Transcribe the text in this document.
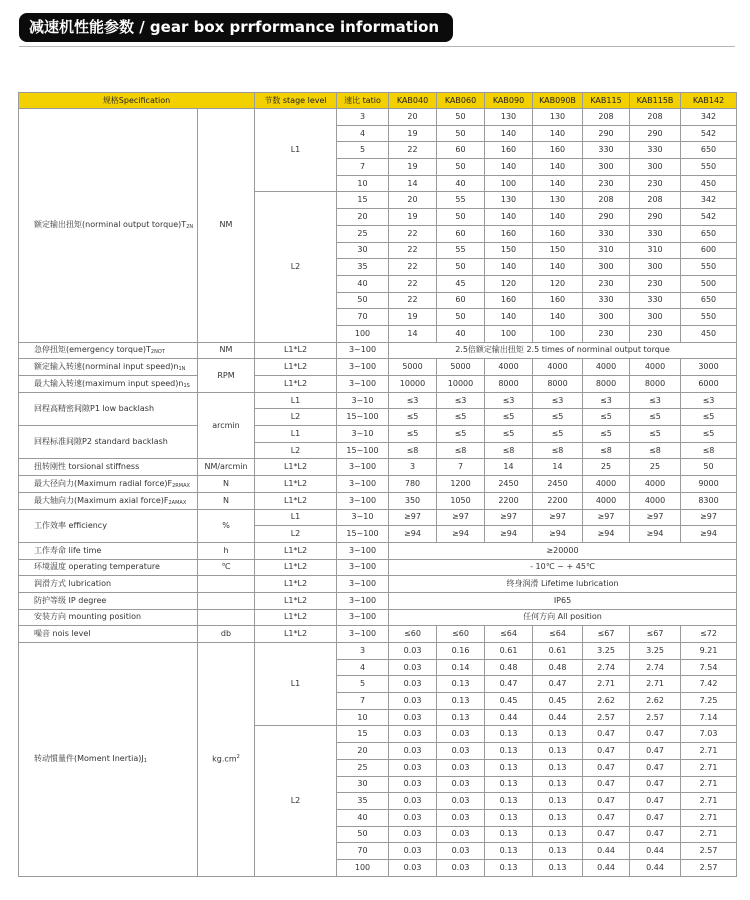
减速机性能参数 / gear box prrformance information
规格Specification		节数 stage level	速比 tatio	KAB040	KAB060	KAB090	KAB090B	KAB115	KAB115B	KAB142
额定输出扭矩(norminal output $torque)T_{2N}$	NM	L1	3	20	50	130	130	208	208	342
			4	19	50	140	140	290	290	542
			5	22	60	160	160	330	330	650
			7	19	50	140	140	300	300	550
			10	14	40	100	140	230	230	450
		L2	15	20	55	130	130	208	208	342
			20	19	50	140	140	290	290	542
			25	22	60	160	160	330	330	650
			30	22	55	150	150	310	310	600
			35	22	50	140	140	300	300	550
			40	22	45	120	120	230	230	500
			50	22	60	160	160	330	330	650
			70	19	50	140	140	300	300	550
			100	14	40	100	100	230	230	450
急停扭矩(emergency $torque)T_{2NOT}$	NM	L1*L2	3~100	2.5倍额定输出扭矩 2.5 times of norminal output torque						
额定输入转速(norminal input $speed)n_{1N}$	RPM	L1*L2	3~100	5000	5000	4000	4000	4000	4000	3000
最大输入转速(maximum input $speed)n_{1S}$		L1*L2	3~100	10000	10000	8000	8000	8000	8000	6000
回程高精密间隙P1 low backlash	arcmin	L1	3~10	≤3	≤3	≤3	≤3	≤3	≤3	≤3
		L2	15~100	≤5	≤5	≤5	≤5	≤5	≤5	≤5
回程标准间隙P2 standard backlash		L1	3~10	≤5	≤5	≤5	≤5	≤5	≤5	≤5
		L2	15~100	≤8	≤8	≤8	≤8	≤8	≤8	≤8
扭转刚性 torsional stiffness	NM/arcmin	L1*L2	3~100	3	7	14	14	25	25	50
最大径向力(Maximum radial $force)F_{2RMAX}$	N	L1*L2	3~100	780	1200	2450	2450	4000	4000	9000
最大轴向力(Maximum axial $force)F_{2AMAX}$	N	L1*L2	3~100	350	1050	2200	2200	4000	4000	8300
工作效率 efficiency	%	L1	3~10	≥97	≥97	≥97	≥97	≥97	≥97	≥97
		L2	15~100	≥94	≥94	≥94	≥94	≥94	≥94	≥94
工作寿命 life time	h	L1*L2	3~100	≥20000						
环境温度 operating temperature	℃	L1*L2	3~100	- 10℃ ~ + 45℃						
润滑方式 lubrication		L1*L2	3~100	终身润滑 Lifetime lubrication						
防护等级 IP degree		L1*L2	3~100	IP65						
安装方向 mounting position		L1*L2	3~100	任何方向 All position						
噪音 nois level	db	L1*L2	3~100	≤60	≤60	≤64	≤64	≤67	≤67	≤72
转动惯量件(Moment $Inertia)J_1$	$kg.cm^2$	L1	3	0.03	0.16	0.61	0.61	3.25	3.25	9.21
			4	0.03	0.14	0.48	0.48	2.74	2.74	7.54
			5	0.03	0.13	0.47	0.47	2.71	2.71	7.42
			7	0.03	0.13	0.45	0.45	2.62	2.62	7.25
			10	0.03	0.13	0.44	0.44	2.57	2.57	7.14
		L2	15	0.03	0.03	0.13	0.13	0.47	0.47	7.03
			20	0.03	0.03	0.13	0.13	0.47	0.47	2.71
			25	0.03	0.03	0.13	0.13	0.47	0.47	2.71
			30	0.03	0.03	0.13	0.13	0.47	0.47	2.71
			35	0.03	0.03	0.13	0.13	0.47	0.47	2.71
			40	0.03	0.03	0.13	0.13	0.47	0.47	2.71
			50	0.03	0.03	0.13	0.13	0.47	0.47	2.71
			70	0.03	0.03	0.13	0.13	0.44	0.44	2.57
			100	0.03	0.03	0.13	0.13	0.44	0.44	2.57
